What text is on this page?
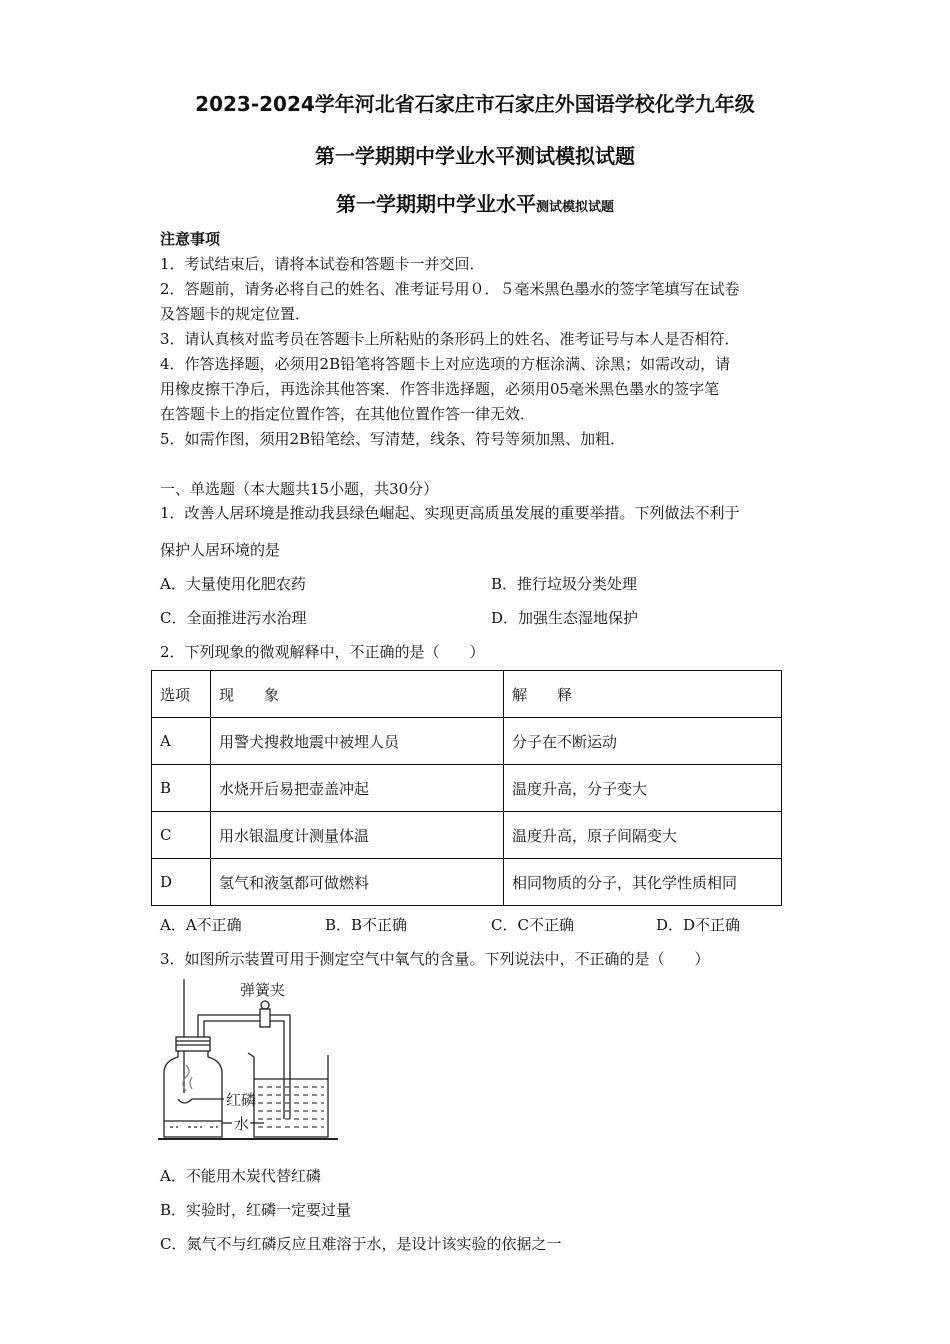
2023-2024学年河北省石家庄市石家庄外国语学校化学九年级
第一学期期中学业水平测试模拟试题
第一学期期中学业水平测试模拟试题
注意事项
1．考试结束后，请将本试卷和答题卡一并交回．
2．答题前，请务必将自己的姓名、准考证号用０．５毫米黑色墨水的签字笔填写在试卷
及答题卡的规定位置．
3．请认真核对监考员在答题卡上所粘贴的条形码上的姓名、准考证号与本人是否相符．
4．作答选择题，必须用2B铅笔将答题卡上对应选项的方框涂满、涂黑；如需改动，请
用橡皮擦干净后，再选涂其他答案．作答非选择题，必须用05毫米黑色墨水的签字笔
在答题卡上的指定位置作答，在其他位置作答一律无效．
5．如需作图，须用2B铅笔绘、写清楚，线条、符号等须加黑、加粗．
一、单选题（本大题共15小题，共30分）
1．改善人居环境是推动我县绿色崛起、实现更高质虽发展的重要举措。下列做法不利于
保护人居环境的是
A．大量使用化肥农药	B．推行垃圾分类处理
C．全面推进污水治理	D．加强生态湿地保护
2．下列现象的微观解释中，不正确的是（　　）
选项	现　　象	解　　释
A	用警犬搜救地震中被埋人员	分子在不断运动
B	水烧开后易把壶盖冲起	温度升高，分子变大
C	用水银温度计测量体温	温度升高，原子间隔变大
D	氢气和液氢都可做燃料	相同物质的分子，其化学性质相同
A．A不正确	B．B不正确	C．C不正确	D．D不正确
3．如图所示装置可用于测定空气中氧气的含量。下列说法中，不正确的是（　　）
弹簧夹
红磷
水
A．不能用木炭代替红磷
B．实验时，红磷一定要过量
C．氮气不与红磷反应且难溶于水，是设计该实验的依据之一
